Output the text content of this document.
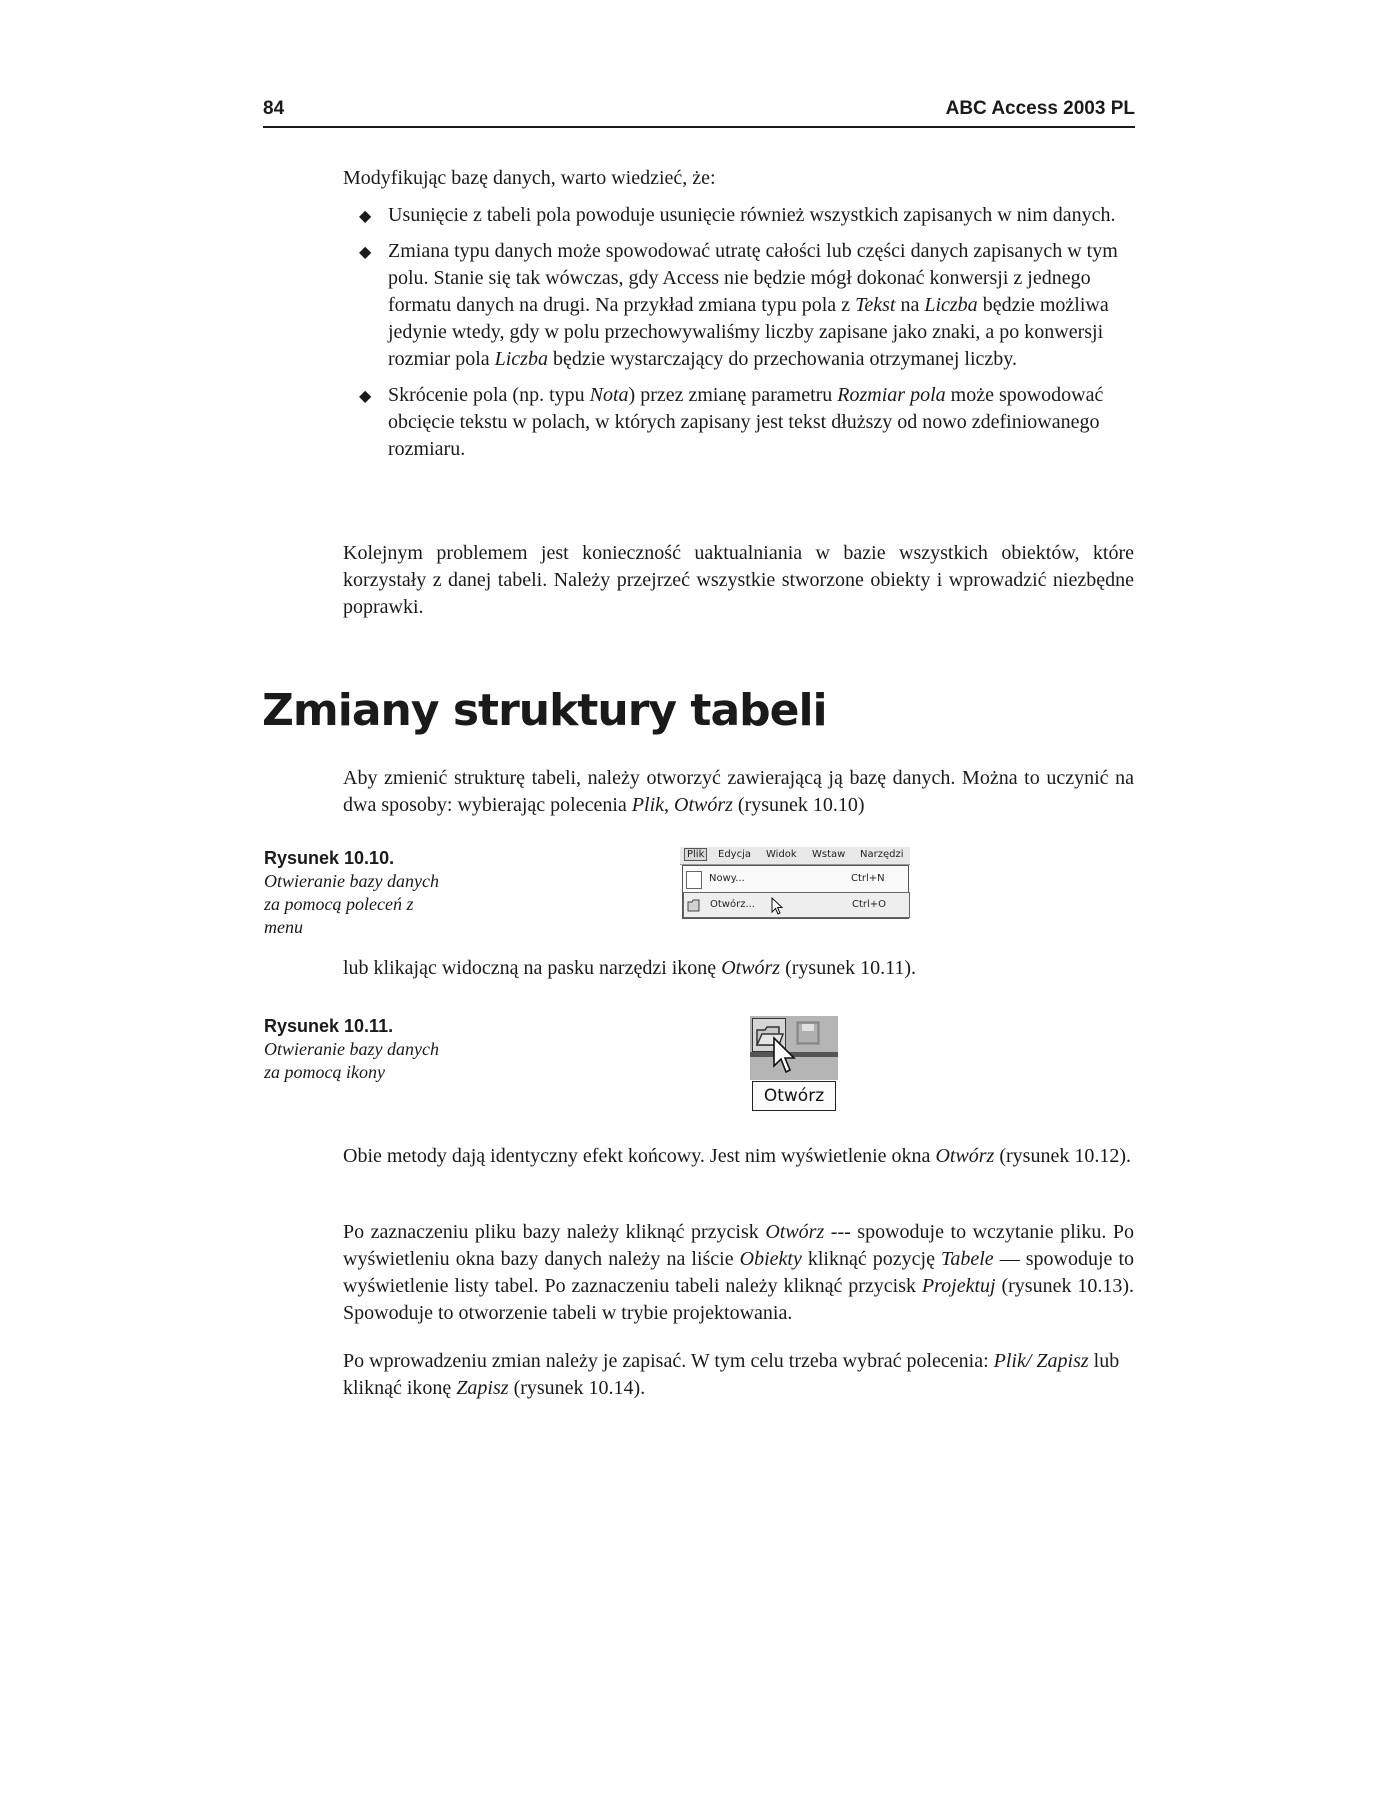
84	ABC Access 2003 PL
Modyfikując bazę danych, warto wiedzieć, że:
◆ Usunięcie z tabeli pola powoduje usunięcie również wszystkich zapisanych w nim danych.
◆ Zmiana typu danych może spowodować utratę całości lub części danych zapisanych w tym polu. Stanie się tak wówczas, gdy Access nie będzie mógł dokonać konwersji z jednego formatu danych na drugi. Na przykład zmiana typu pola z Tekst na Liczba będzie możliwa jedynie wtedy, gdy w polu przechowywaliśmy liczby zapisane jako znaki, a po konwersji rozmiar pola Liczba będzie wystarczający do przechowania otrzymanej liczby.
◆ Skrócenie pola (np. typu Nota) przez zmianę parametru Rozmiar pola może spowodować obcięcie tekstu w polach, w których zapisany jest tekst dłuższy od nowo zdefiniowanego rozmiaru.
Kolejnym problemem jest konieczność uaktualniania w bazie wszystkich obiektów, które korzystały z danej tabeli. Należy przejrzeć wszystkie stworzone obiekty i wprowadzić niezbędne poprawki.
Zmiany struktury tabeli
Aby zmienić strukturę tabeli, należy otworzyć zawierającą ją bazę danych. Można to uczynić na dwa sposoby: wybierając polecenia Plik, Otwórz (rysunek 10.10)
Rysunek 10.10.
Otwieranie bazy danych za pomocą poleceń z menu
Plik	Edycja Widok Wstaw Narzędzi
Nowy...	Ctrl+N
Otwórz...	Ctrl+O
lub klikając widoczną na pasku narzędzi ikonę Otwórz (rysunek 10.11).
Rysunek 10.11.
Otwieranie bazy danych za pomocą ikony
Otwórz
Obie metody dają identyczny efekt końcowy. Jest nim wyświetlenie okna Otwórz (rysunek 10.12).
Po zaznaczeniu pliku bazy należy kliknąć przycisk Otwórz --- spowoduje to wczytanie pliku. Po wyświetleniu okna bazy danych należy na liście Obiekty kliknąć pozycję Tabele — spowoduje to wyświetlenie listy tabel. Po zaznaczeniu tabeli należy kliknąć przycisk Projektuj (rysunek 10.13). Spowoduje to otworzenie tabeli w trybie projektowania.
Po wprowadzeniu zmian należy je zapisać. W tym celu trzeba wybrać polecenia: Plik/ Zapisz lub kliknąć ikonę Zapisz (rysunek 10.14).
